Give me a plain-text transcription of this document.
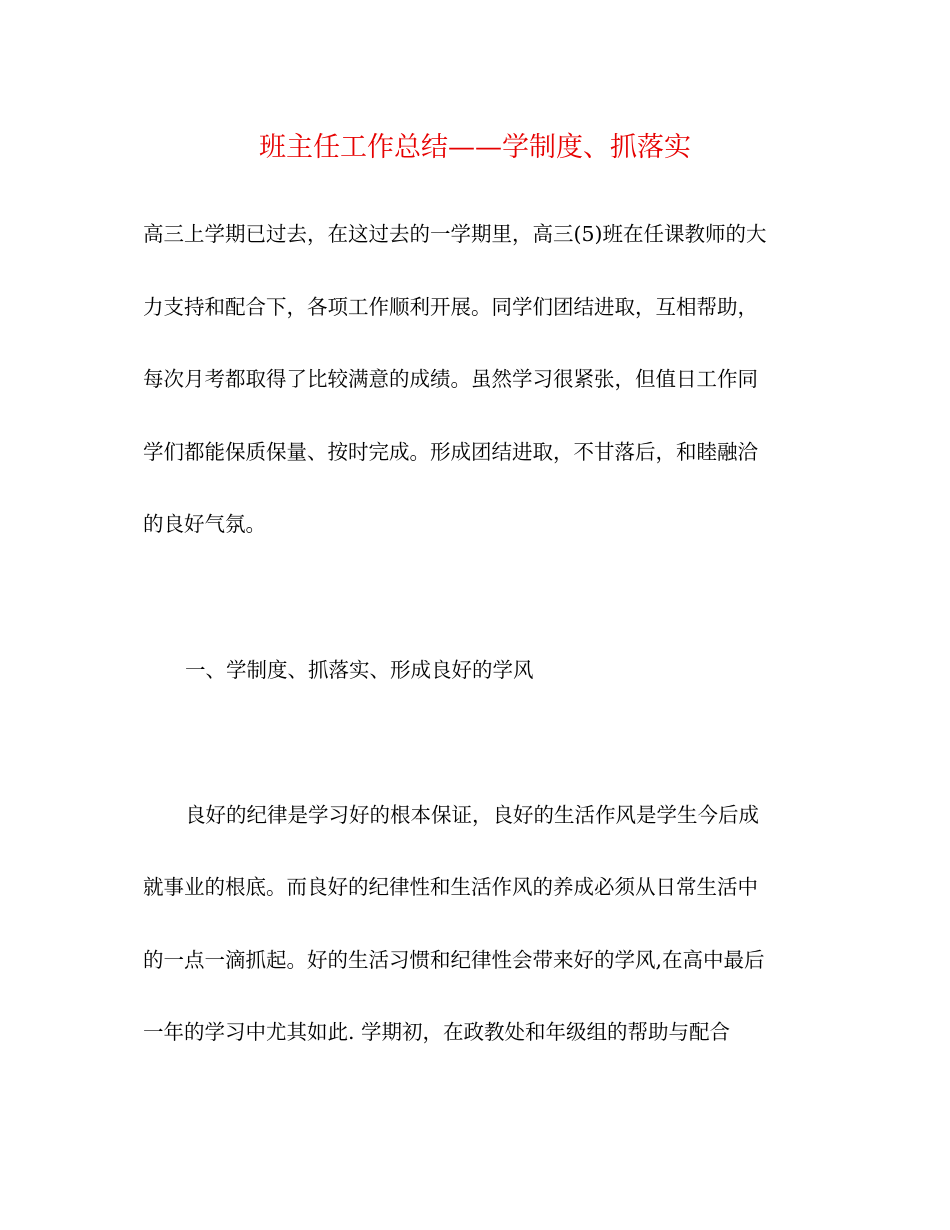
班主任工作总结——学制度、抓落实

高三上学期已过去，在这过去的一学期里，高三(5)班在任课教师的大

力支持和配合下，各项工作顺利开展。同学们团结进取，互相帮助，

每次月考都取得了比较满意的成绩。虽然学习很紧张，但值日工作同

学们都能保质保量、按时完成。形成团结进取，不甘落后，和睦融洽

的良好气氛。

一、学制度、抓落实、形成良好的学风

良好的纪律是学习好的根本保证，良好的生活作风是学生今后成

就事业的根底。而良好的纪律性和生活作风的养成必须从日常生活中

的一点一滴抓起。好的生活习惯和纪律性会带来好的学风,在高中最后

一年的学习中尤其如此. 学期初，在政教处和年级组的帮助与配合
